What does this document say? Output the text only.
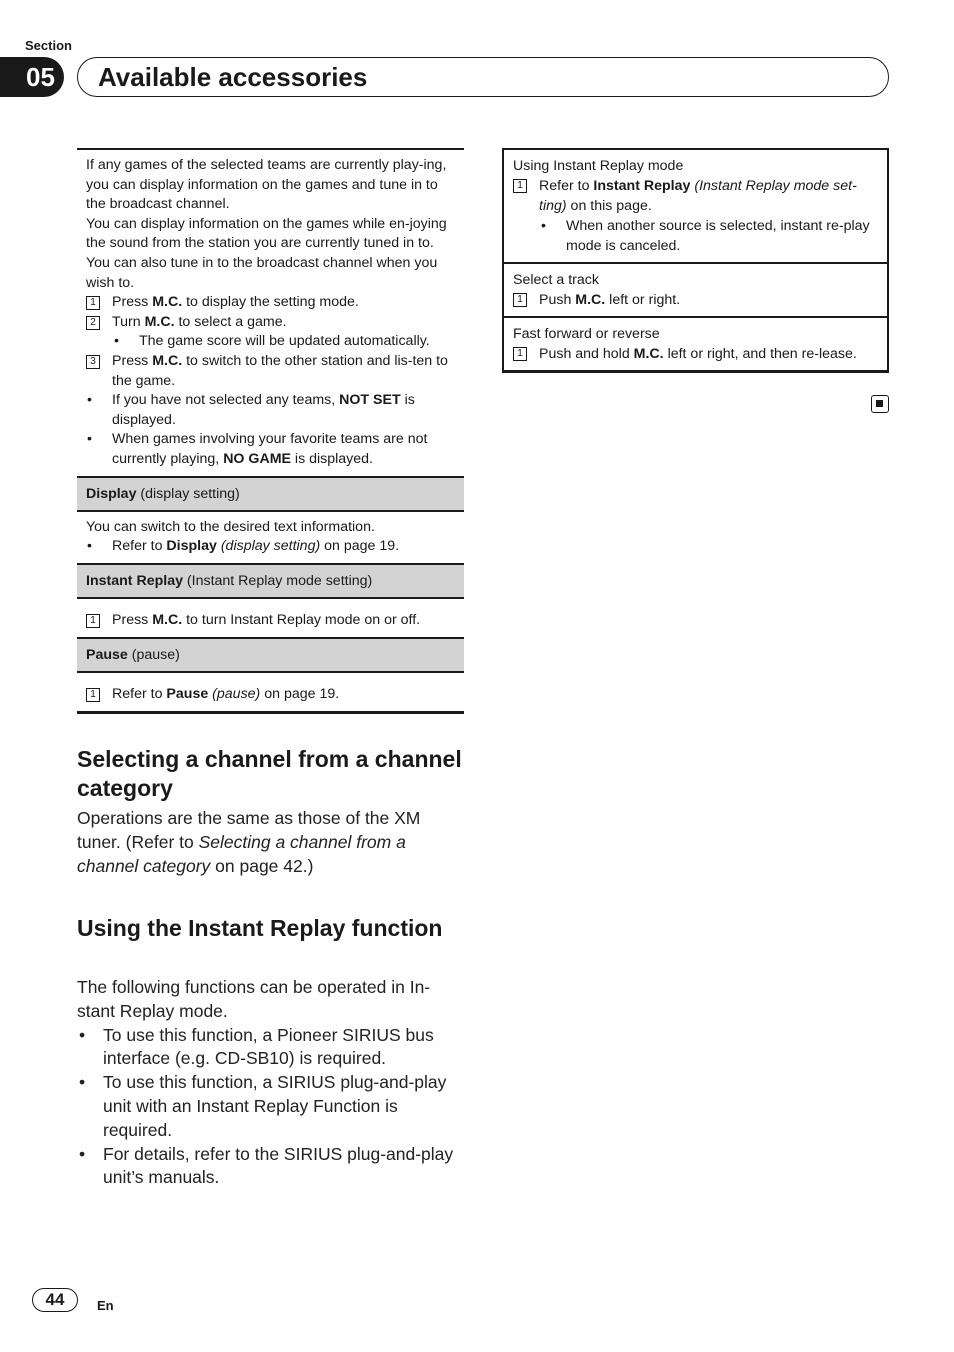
Section
05	Available accessories
If any games of the selected teams are currently play-ing, you can display information on the games and tune in to the broadcast channel.
You can display information on the games while en-joying the sound from the station you are currently tuned in to. You can also tune in to the broadcast channel when you wish to.
1 Press M.C. to display the setting mode.
2 Turn M.C. to select a game.
•	The game score will be updated automatically.
3 Press M.C. to switch to the other station and lis-ten to the game.
•	If you have not selected any teams, NOT SET is displayed.
•	When games involving your favorite teams are not currently playing, NO GAME is displayed.
Display (display setting)
You can switch to the desired text information.
•	Refer to Display (display setting) on page 19.
Instant Replay (Instant Replay mode setting)
1 Press M.C. to turn Instant Replay mode on or off.
Pause (pause)
1 Refer to Pause (pause) on page 19.
Using Instant Replay mode
1 Refer to Instant Replay (Instant Replay mode set-ting) on this page.
•	When another source is selected, instant re-play mode is canceled.
Select a track
1 Push M.C. left or right.
Fast forward or reverse
1 Push and hold M.C. left or right, and then re-lease.
Selecting a channel from a channel category
Operations are the same as those of the XM tuner. (Refer to Selecting a channel from a channel category on page 42.)
Using the Instant Replay function
The following functions can be operated in In-stant Replay mode.
•	To use this function, a Pioneer SIRIUS bus interface (e.g. CD-SB10) is required.
•	To use this function, a SIRIUS plug-and-play unit with an Instant Replay Function is required.
•	For details, refer to the SIRIUS plug-and-play unit’s manuals.
44	En
